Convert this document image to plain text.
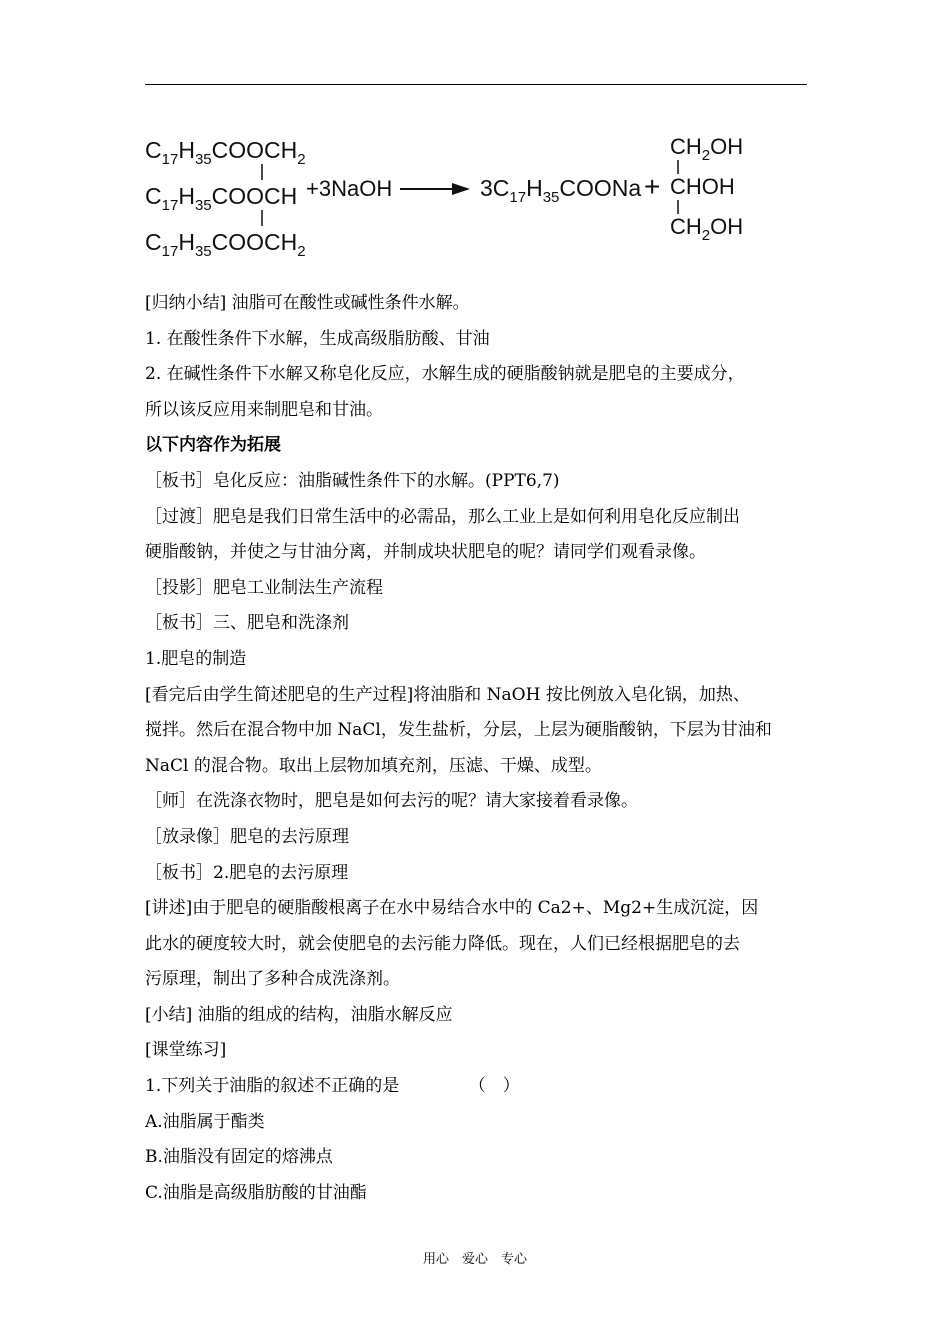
$C_{17}H_{35}COOCH_2$
$C_{17}H_{35}COOCH$
$C_{17}H_{35}COOCH_2$
+3NaOH	$3C_{17}H_{35}COONa$ +
$CH_2OH$
CHOH
$CH_2OH$

[归纳小结] 油脂可在酸性或碱性条件水解。

1. 在酸性条件下水解，生成高级脂肪酸、甘油

2. 在碱性条件下水解又称皂化反应，水解生成的硬脂酸钠就是肥皂的主要成分，

所以该反应用来制肥皂和甘油。

以下内容作为拓展

［板书］皂化反应：油脂碱性条件下的水解。(PPT6,7)

［过渡］肥皂是我们日常生活中的必需品，那么工业上是如何利用皂化反应制出

硬脂酸钠，并使之与甘油分离，并制成块状肥皂的呢？请同学们观看录像。

［投影］肥皂工业制法生产流程

［板书］三、肥皂和洗涤剂

1.肥皂的制造

[看完后由学生简述肥皂的生产过程]将油脂和 NaOH 按比例放入皂化锅，加热、

搅拌。然后在混合物中加 NaCl，发生盐析，分层，上层为硬脂酸钠，下层为甘油和

NaCl 的混合物。取出上层物加填充剂，压滤、干燥、成型。

［师］在洗涤衣物时，肥皂是如何去污的呢？请大家接着看录像。

［放录像］肥皂的去污原理

［板书］2.肥皂的去污原理

[讲述]由于肥皂的硬脂酸根离子在水中易结合水中的 Ca2+、Mg2+生成沉淀，因

此水的硬度较大时，就会使肥皂的去污能力降低。现在，人们已经根据肥皂的去

污原理，制出了多种合成洗涤剂。

[小结] 油脂的组成的结构，油脂水解反应

[课堂练习]

1.下列关于油脂的叙述不正确的是	（　）

A.油脂属于酯类

B.油脂没有固定的熔沸点

C.油脂是高级脂肪酸的甘油酯

用心　爱心　专心
